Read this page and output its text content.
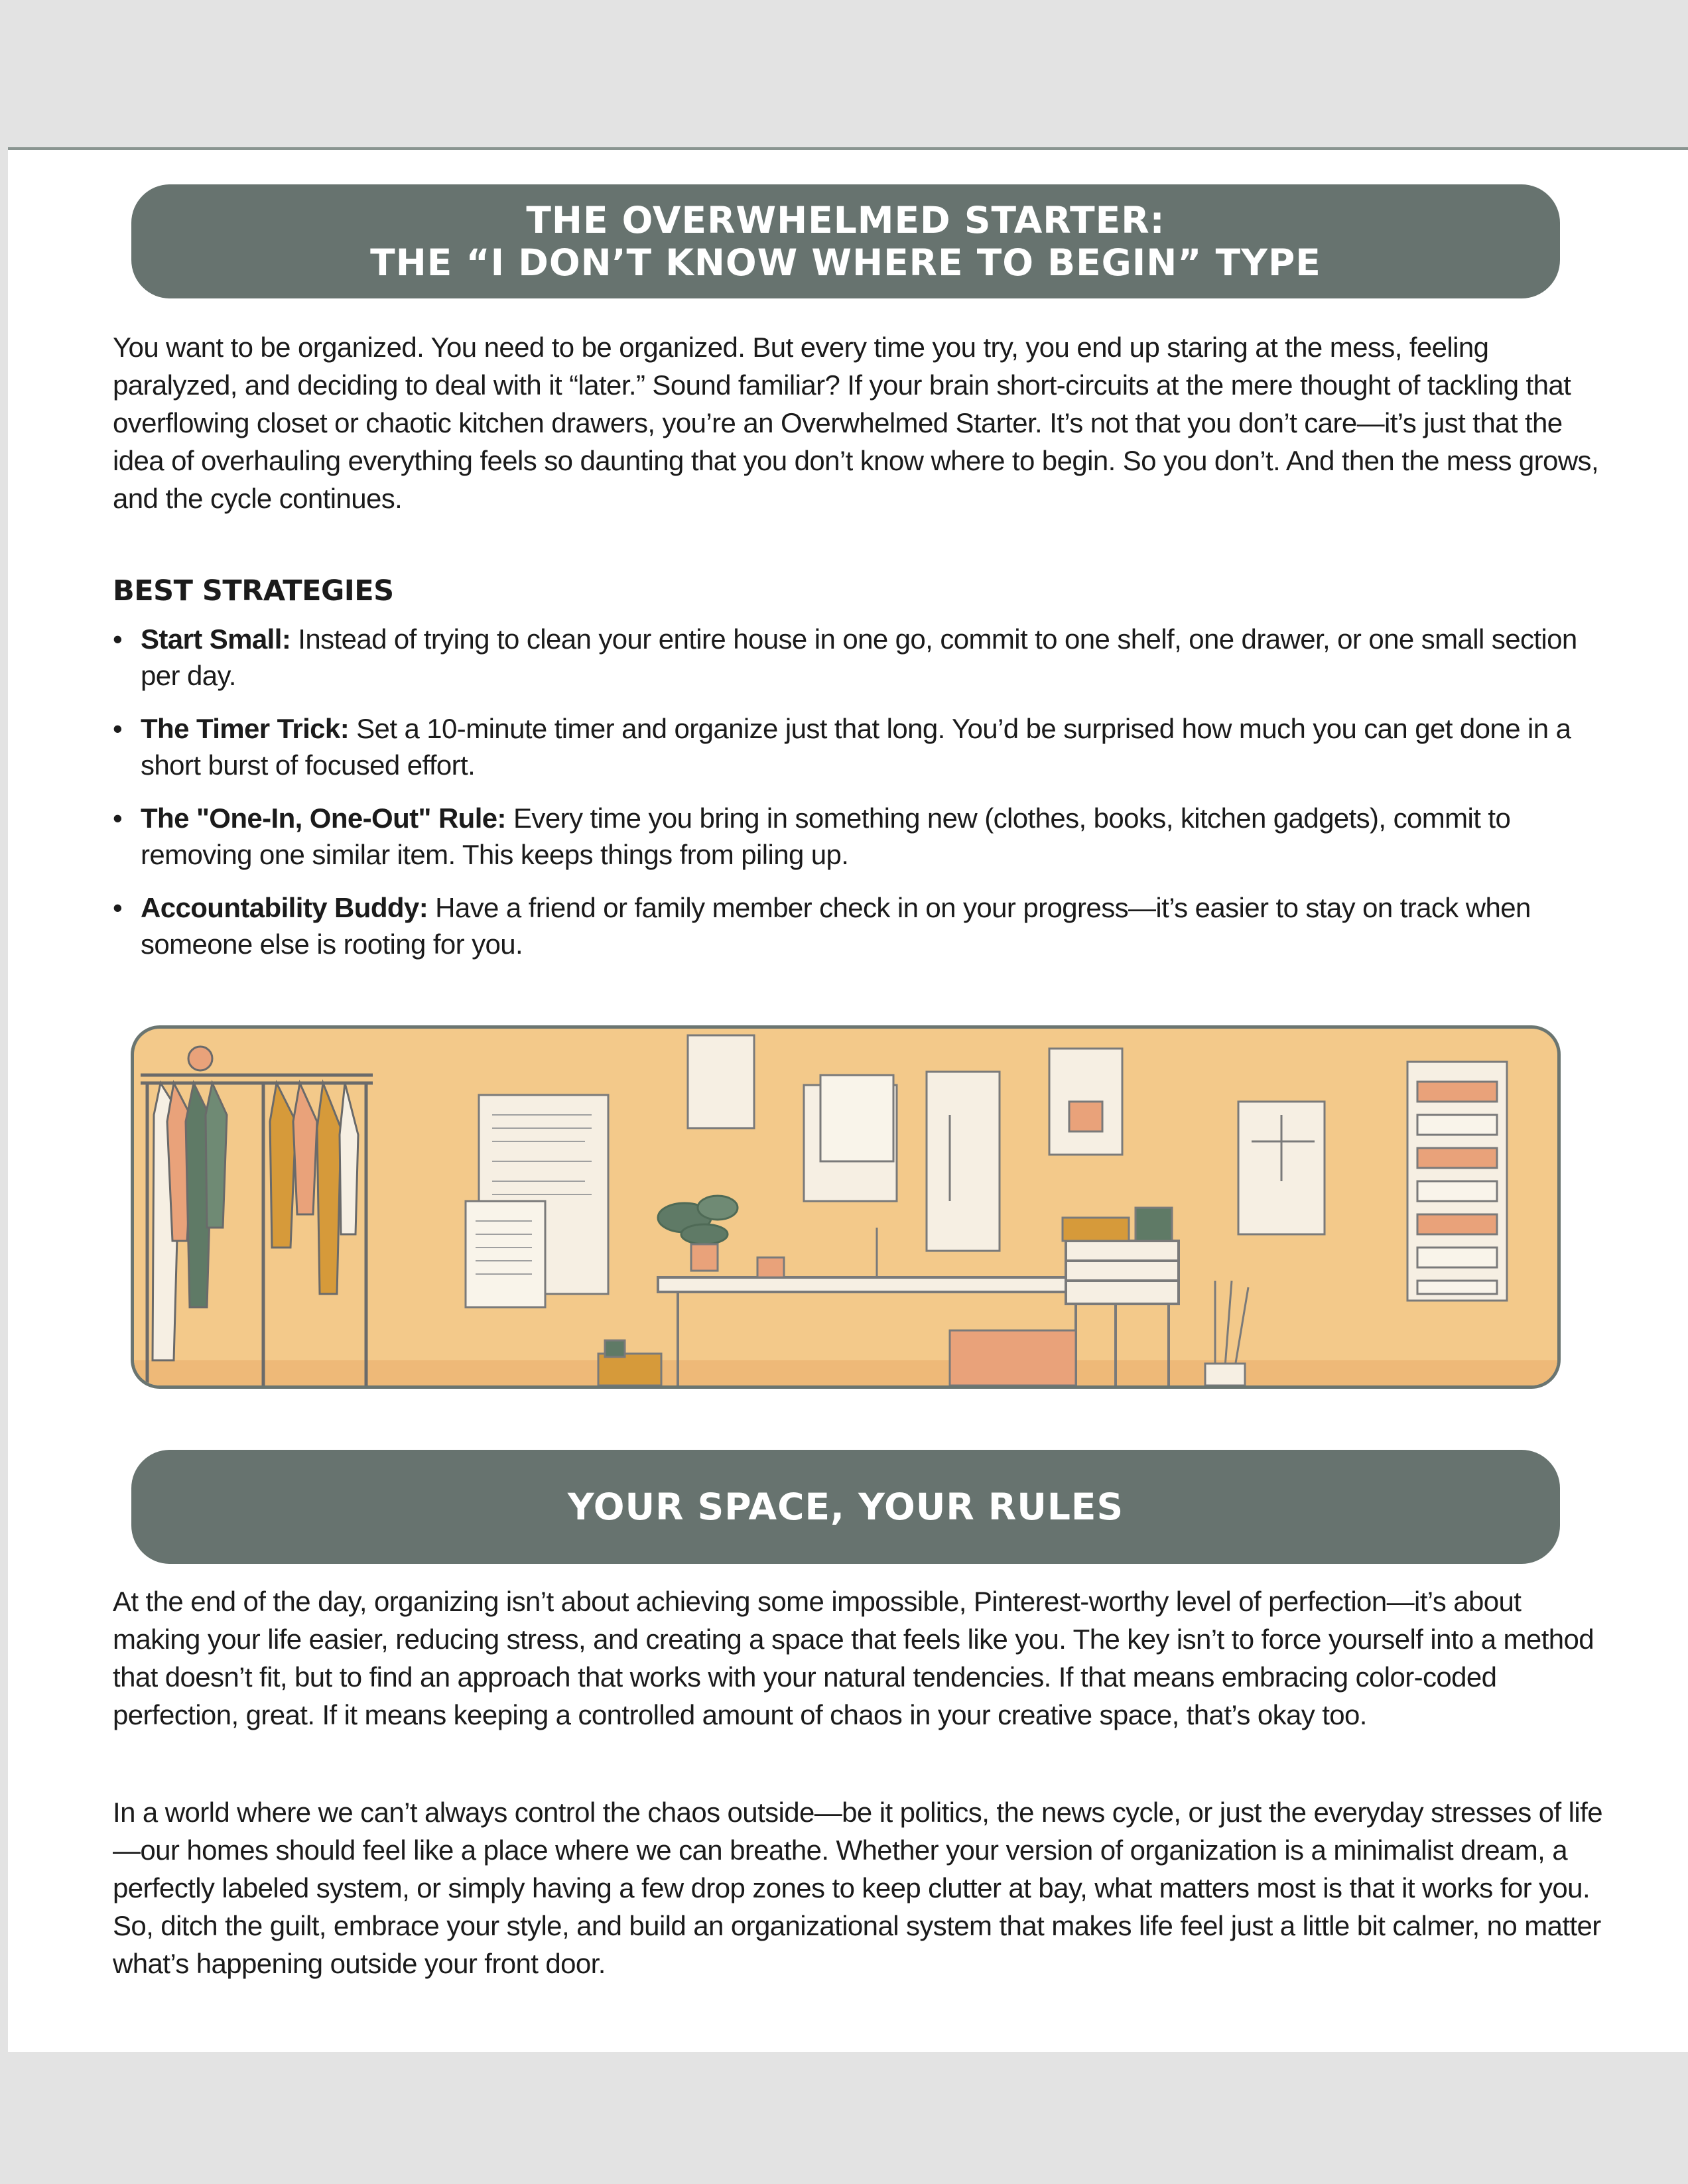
THE OVERWHELMED STARTER:
THE “I DON’T KNOW WHERE TO BEGIN” TYPE

You want to be organized. You need to be organized. But every time you try, you end up staring at the mess, feeling paralyzed, and deciding to deal with it “later.” Sound familiar? If your brain short-circuits at the mere thought of tackling that overflowing closet or chaotic kitchen drawers, you’re an Overwhelmed Starter. It’s not that you don’t care—it’s just that the idea of overhauling everything feels so daunting that you don’t know where to begin. So you don’t. And then the mess grows, and the cycle continues.

BEST STRATEGIES
• Start Small: Instead of trying to clean your entire house in one go, commit to one shelf, one drawer, or one small section per day.
• The Timer Trick: Set a 10-minute timer and organize just that long. You’d be surprised how much you can get done in a short burst of focused effort.
• The "One-In, One-Out" Rule: Every time you bring in something new (clothes, books, kitchen gadgets), commit to removing one similar item. This keeps things from piling up.
• Accountability Buddy: Have a friend or family member check in on your progress—it’s easier to stay on track when someone else is rooting for you.
YOUR SPACE, YOUR RULES

At the end of the day, organizing isn’t about achieving some impossible, Pinterest-worthy level of perfection—it’s about making your life easier, reducing stress, and creating a space that feels like you. The key isn’t to force yourself into a method that doesn’t fit, but to find an approach that works with your natural tendencies. If that means embracing color-coded perfection, great. If it means keeping a controlled amount of chaos in your creative space, that’s okay too.

In a world where we can’t always control the chaos outside—be it politics, the news cycle, or just the everyday stresses of life—our homes should feel like a place where we can breathe. Whether your version of organization is a minimalist dream, a perfectly labeled system, or simply having a few drop zones to keep clutter at bay, what matters most is that it works for you. So, ditch the guilt, embrace your style, and build an organizational system that makes life feel just a little bit calmer, no matter what’s happening outside your front door.
